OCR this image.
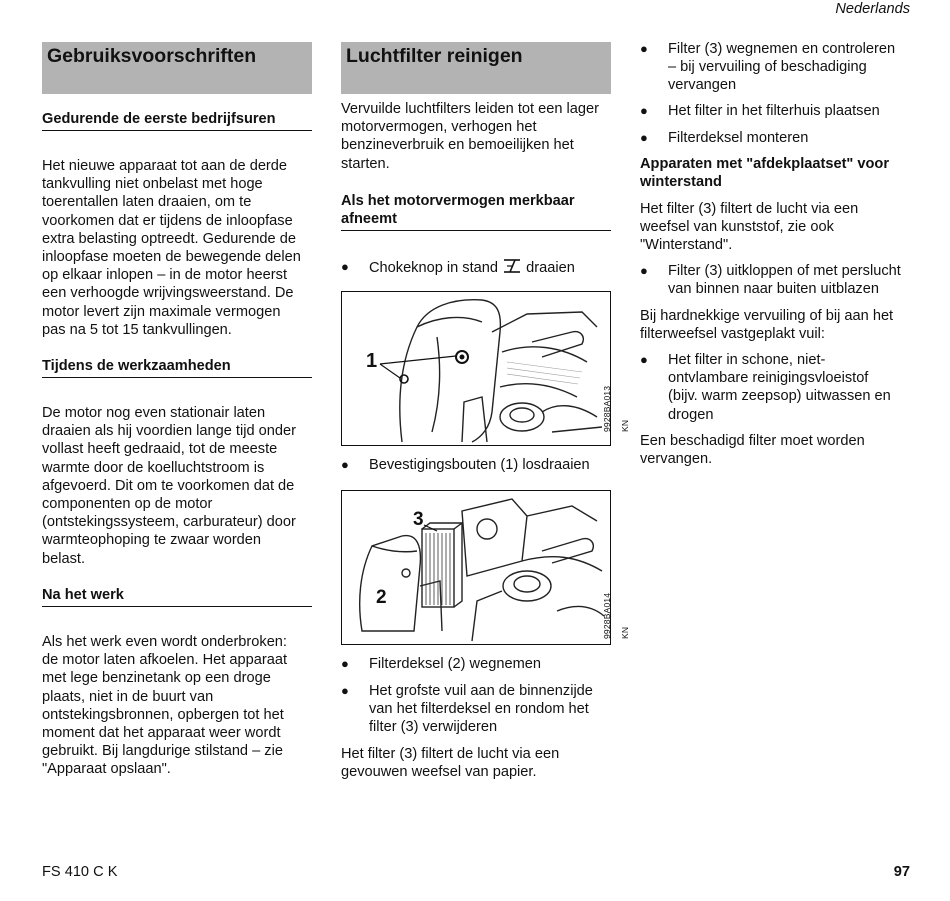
Nederlands
Gebruiksvoorschriften
Gedurende de eerste bedrijfsuren
Het nieuwe apparaat tot aan de derde
tankvulling niet onbelast met hoge
toerentallen laten draaien, om te
voorkomen dat er tijdens de inloopfase
extra belasting optreedt. Gedurende de
inloopfase moeten de bewegende delen
op elkaar inlopen – in de motor heerst
een verhoogde wrijvingsweerstand. De
motor levert zijn maximale vermogen
pas na 5 tot 15 tankvullingen.
Tijdens de werkzaamheden
De motor nog even stationair laten
draaien als hij voordien lange tijd onder
vollast heeft gedraaid, tot de meeste
warmte door de koelluchtstroom is
afgevoerd. Dit om te voorkomen dat de
componenten op de motor
(ontstekingssysteem, carburateur) door
warmteophoping te zwaar worden
belast.
Na het werk
Als het werk even wordt onderbroken:
de motor laten afkoelen. Het apparaat
met lege benzinetank op een droge
plaats, niet in de buurt van
ontstekingsbronnen, opbergen tot het
moment dat het apparaat weer wordt
gebruikt. Bij langdurige stilstand – zie
"Apparaat opslaan".
Luchtfilter reinigen
Vervuilde luchtfilters leiden tot een lager
motorvermogen, verhogen het
benzineverbruik en bemoeilijken het
starten.
Als het motorvermogen merkbaar
afneemt
● Chokeknop in stand draaien
1
9928BA013 KN
● Bevestigingsbouten (1) losdraaien
3
2	9928BA014 KN
● Filterdeksel (2) wegnemen
● Het grofste vuil aan de binnenzijde
van het filterdeksel en rondom het
filter (3) verwijderen
Het filter (3) filtert de lucht via een
gevouwen weefsel van papier.
● Filter (3) wegnemen en controleren
– bij vervuiling of beschadiging
vervangen
● Het filter in het filterhuis plaatsen
● Filterdeksel monteren
Apparaten met "afdekplaatset" voor
winterstand
Het filter (3) filtert de lucht via een
weefsel van kunststof, zie ook
"Winterstand".
● Filter (3) uitkloppen of met perslucht
van binnen naar buiten uitblazen
Bij hardnekkige vervuiling of bij aan het
filterweefsel vastgeplakt vuil:
● Het filter in schone, niet-
ontvlambare reinigingsvloeistof
(bijv. warm zeepsop) uitwassen en
drogen
Een beschadigd filter moet worden
vervangen.
FS 410 C K	97
